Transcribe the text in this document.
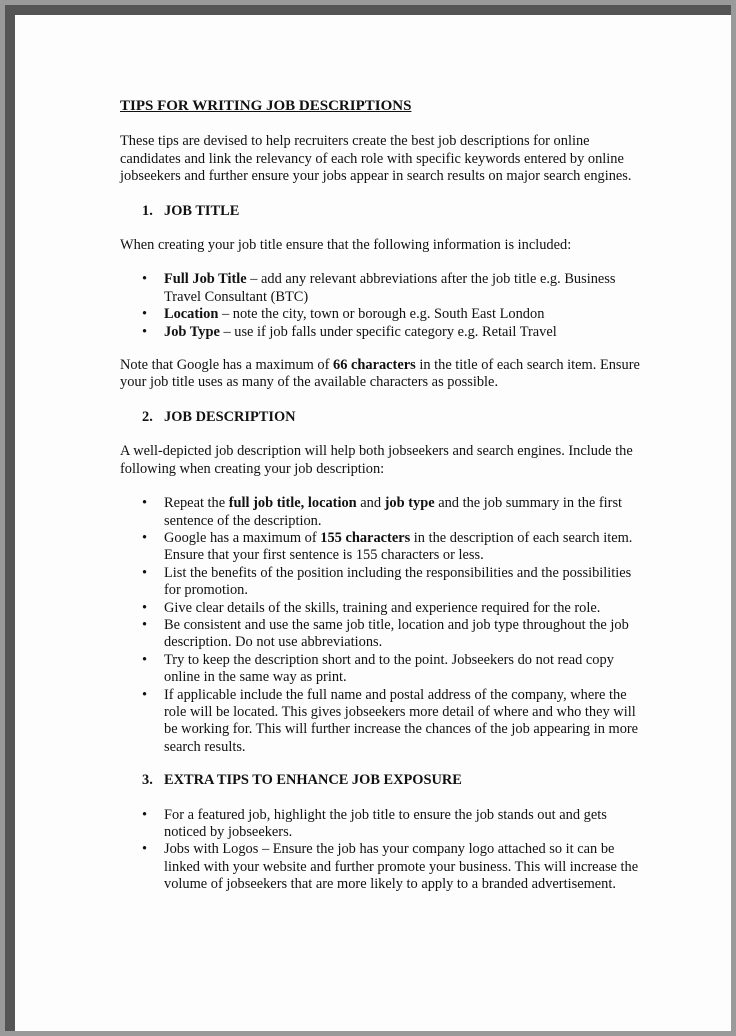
TIPS FOR WRITING JOB DESCRIPTIONS

These tips are devised to help recruiters create the best job descriptions for online candidates and link the relevancy of each role with specific keywords entered by online jobseekers and further ensure your jobs appear in search results on major search engines.

1. JOB TITLE

When creating your job title ensure that the following information is included:

• Full Job Title – add any relevant abbreviations after the job title e.g. Business Travel Consultant (BTC)
• Location – note the city, town or borough e.g. South East London
• Job Type – use if job falls under specific category e.g. Retail Travel

Note that Google has a maximum of 66 characters in the title of each search item. Ensure your job title uses as many of the available characters as possible.

2. JOB DESCRIPTION

A well-depicted job description will help both jobseekers and search engines. Include the following when creating your job description:

• Repeat the full job title, location and job type and the job summary in the first sentence of the description.
• Google has a maximum of 155 characters in the description of each search item. Ensure that your first sentence is 155 characters or less.
• List the benefits of the position including the responsibilities and the possibilities for promotion.
• Give clear details of the skills, training and experience required for the role.
• Be consistent and use the same job title, location and job type throughout the job description. Do not use abbreviations.
• Try to keep the description short and to the point. Jobseekers do not read copy online in the same way as print.
• If applicable include the full name and postal address of the company, where the role will be located. This gives jobseekers more detail of where and who they will be working for. This will further increase the chances of the job appearing in more search results.
3. EXTRA TIPS TO ENHANCE JOB EXPOSURE
• For a featured job, highlight the job title to ensure the job stands out and gets noticed by jobseekers.
• Jobs with Logos – Ensure the job has your company logo attached so it can be linked with your website and further promote your business. This will increase the volume of jobseekers that are more likely to apply to a branded advertisement.
